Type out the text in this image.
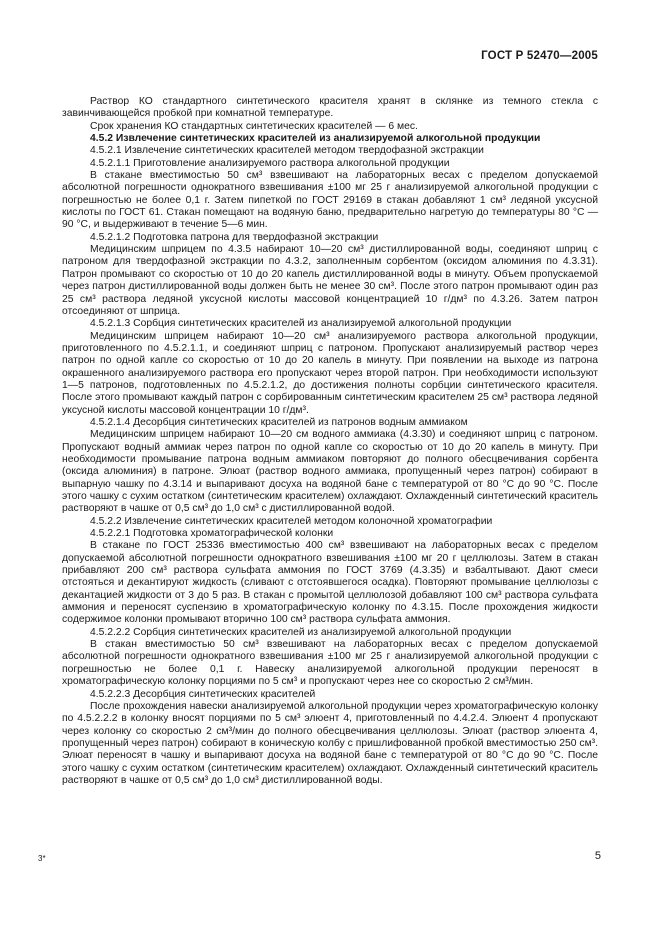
ГОСТ Р 52470—2005

Раствор КО стандартного синтетического красителя хранят в склянке из темного стекла с завинчивающейся пробкой при комнатной температуре.

Срок хранения КО стандартных синтетических красителей — 6 мес.

4.5.2 Извлечение синтетических красителей из анализируемой алкогольной продукции

4.5.2.1 Извлечение синтетических красителей методом твердофазной экстракции

4.5.2.1.1 Приготовление анализируемого раствора алкогольной продукции

В стакане вместимостью 50 см³ взвешивают на лабораторных весах с пределом допускаемой абсолютной погрешности однократного взвешивания ±100 мг 25 г анализируемой алкогольной продукции с погрешностью не более 0,1 г. Затем пипеткой по ГОСТ 29169 в стакан добавляют 1 см³ ледяной уксусной кислоты по ГОСТ 61. Стакан помещают на водяную баню, предварительно нагретую до температуры 80 °С — 90 °С, и выдерживают в течение 5—6 мин.

4.5.2.1.2 Подготовка патрона для твердофазной экстракции

Медицинским шприцем по 4.3.5 набирают 10—20 см³ дистиллированной воды, соединяют шприц с патроном для твердофазной экстракции по 4.3.2, заполненным сорбентом (оксидом алюминия по 4.3.31). Патрон промывают со скоростью от 10 до 20 капель дистиллированной воды в минуту. Объем пропускаемой через патрон дистиллированной воды должен быть не менее 30 см³. После этого патрон промывают один раз 25 см³ раствора ледяной уксусной кислоты массовой концентрацией 10 г/дм³ по 4.3.26. Затем патрон отсоединяют от шприца.

4.5.2.1.3 Сорбция синтетических красителей из анализируемой алкогольной продукции

Медицинским шприцем набирают 10—20 см³ анализируемого раствора алкогольной продукции, приготовленного по 4.5.2.1.1, и соединяют шприц с патроном. Пропускают анализируемый раствор через патрон по одной капле со скоростью от 10 до 20 капель в минуту. При появлении на выходе из патрона окрашенного анализируемого раствора его пропускают через второй патрон. При необходимости используют 1—5 патронов, подготовленных по 4.5.2.1.2, до достижения полноты сорбции синтетического красителя. После этого промывают каждый патрон с сорбированным синтетическим красителем 25 см³ раствора ледяной уксусной кислоты массовой концентрации 10 г/дм³.

4.5.2.1.4 Десорбция синтетических красителей из патронов водным аммиаком

Медицинским шприцем набирают 10—20 см водного аммиака (4.3.30) и соединяют шприц с патроном. Пропускают водный аммиак через патрон по одной капле со скоростью от 10 до 20 капель в минуту. При необходимости промывание патрона водным аммиаком повторяют до полного обесцвечивания сорбента (оксида алюминия) в патроне. Элюат (раствор водного аммиака, пропущенный через патрон) собирают в выпарную чашку по 4.3.14 и выпаривают досуха на водяной бане с температурой от 80 °С до 90 °С. После этого чашку с сухим остатком (синтетическим красителем) охлаждают. Охлажденный синтетический краситель растворяют в чашке от 0,5 см³ до 1,0 см³ с дистиллированной водой.

4.5.2.2 Извлечение синтетических красителей методом колоночной хроматографии

4.5.2.2.1 Подготовка хроматографической колонки

В стакане по ГОСТ 25336 вместимостью 400 см³ взвешивают на лабораторных весах с пределом допускаемой абсолютной погрешности однократного взвешивания ±100 мг 20 г целлюлозы. Затем в стакан прибавляют 200 см³ раствора сульфата аммония по ГОСТ 3769 (4.3.35) и взбалтывают. Дают смеси отстояться и декантируют жидкость (сливают с отстоявшегося осадка). Повторяют промывание целлюлозы с декантацией жидкости от 3 до 5 раз. В стакан с промытой целлюлозой добавляют 100 см³ раствора сульфата аммония и переносят суспензию в хроматографическую колонку по 4.3.15. После прохождения жидкости содержимое колонки промывают вторично 100 см³ раствора сульфата аммония.

4.5.2.2.2 Сорбция синтетических красителей из анализируемой алкогольной продукции

В стакан вместимостью 50 см³ взвешивают на лабораторных весах с пределом допускаемой абсолютной погрешности однократного взвешивания ±100 мг 25 г анализируемой алкогольной продукции с погрешностью не более 0,1 г. Навеску анализируемой алкогольной продукции переносят в хроматографическую колонку порциями по 5 см³ и пропускают через нее со скоростью 2 см³/мин.

4.5.2.2.3 Десорбция синтетических красителей

После прохождения навески анализируемой алкогольной продукции через хроматографическую колонку по 4.5.2.2.2 в колонку вносят порциями по 5 см³ элюент 4, приготовленный по 4.4.2.4. Элюент 4 пропускают через колонку со скоростью 2 см³/мин до полного обесцвечивания целлюлозы. Элюат (раствор элюента 4, пропущенный через патрон) собирают в коническую колбу с пришлифованной пробкой вместимостью 250 см³. Элюат переносят в чашку и выпаривают досуха на водяной бане с температурой от 80 °С до 90 °С. После этого чашку с сухим остатком (синтетическим красителем) охлаждают. Охлажденный синтетический краситель растворяют в чашке от 0,5 см³ до 1,0 см³ дистиллированной воды.

3*	5
